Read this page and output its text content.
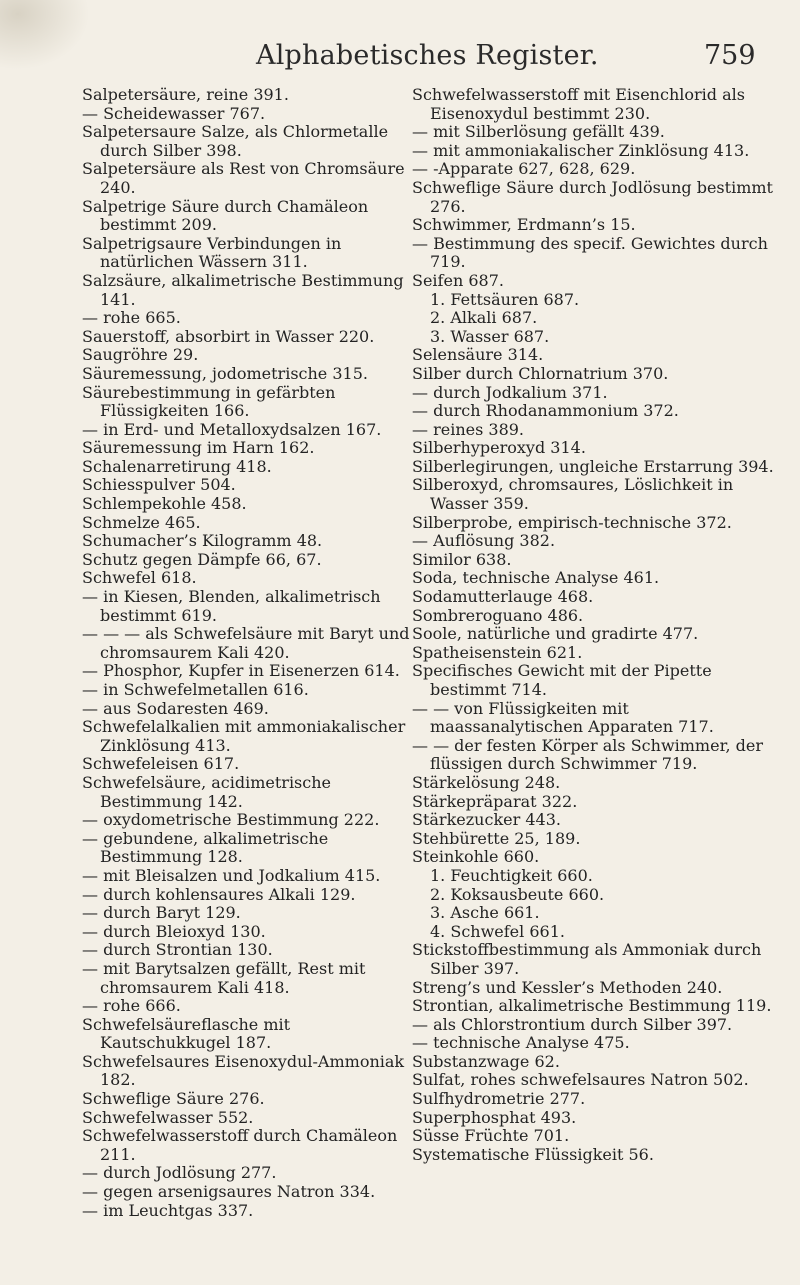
Alphabetisches Register.	759

Salpetersäure, reine 391.

— Scheidewasser 767.

Salpetersaure Salze, als Chlormetalle durch Silber 398.

Salpetersäure als Rest von Chromsäure 240.

Salpetrige Säure durch Chamäleon bestimmt 209.

Salpetrigsaure Verbindungen in natürlichen Wässern 311.

Salzsäure, alkalimetrische Bestimmung 141.

— rohe 665.

Sauerstoff, absorbirt in Wasser 220.

Saugröhre 29.

Säuremessung, jodometrische 315.

Säurebestimmung in gefärbten Flüssigkeiten 166.

— in Erd- und Metalloxydsalzen 167.

Säuremessung im Harn 162.

Schalenarretirung 418.

Schiesspulver 504.

Schlempekohle 458.

Schmelze 465.

Schumacher’s Kilogramm 48.

Schutz gegen Dämpfe 66, 67.

Schwefel 618.

— in Kiesen, Blenden, alkalimetrisch bestimmt 619.

— — — als Schwefelsäure mit Baryt und chromsaurem Kali 420.

— Phosphor, Kupfer in Eisenerzen 614.

— in Schwefelmetallen 616.

— aus Sodaresten 469.

Schwefelalkalien mit ammoniakalischer Zinklösung 413.

Schwefeleisen 617.

Schwefelsäure, acidimetrische Bestimmung 142.

— oxydometrische Bestimmung 222.

— gebundene, alkalimetrische Bestimmung 128.

— mit Bleisalzen und Jodkalium 415.

— durch kohlensaures Alkali 129.

— durch Baryt 129.

— durch Bleioxyd 130.

— durch Strontian 130.

— mit Barytsalzen gefällt, Rest mit chromsaurem Kali 418.

— rohe 666.

Schwefelsäureflasche mit Kautschukkugel 187.

Schwefelsaures Eisenoxydul-Ammoniak 182.

Schweflige Säure 276.

Schwefelwasser 552.

Schwefelwasserstoff durch Chamäleon 211.

— durch Jodlösung 277.

— gegen arsenigsaures Natron 334.

— im Leuchtgas 337.

Schwefelwasserstoff mit Eisenchlorid als Eisenoxydul bestimmt 230.

— mit Silberlösung gefällt 439.

— mit ammoniakalischer Zinklösung 413.

— -Apparate 627, 628, 629.

Schweflige Säure durch Jodlösung bestimmt 276.

Schwimmer, Erdmann’s 15.

— Bestimmung des specif. Gewichtes durch 719.

Seifen 687.

1. Fettsäuren 687.

2. Alkali 687.

3. Wasser 687.

Selensäure 314.

Silber durch Chlornatrium 370.

— durch Jodkalium 371.

— durch Rhodanammonium 372.

— reines 389.

Silberhyperoxyd 314.

Silberlegirungen, ungleiche Erstarrung 394.

Silberoxyd, chromsaures, Löslichkeit in Wasser 359.

Silberprobe, empirisch-technische 372.

— Auflösung 382.

Similor 638.

Soda, technische Analyse 461.

Sodamutterlauge 468.

Sombreroguano 486.

Soole, natürliche und gradirte 477.

Spatheisenstein 621.

Specifisches Gewicht mit der Pipette bestimmt 714.

— — von Flüssigkeiten mit maassanalytischen Apparaten 717.

— — der festen Körper als Schwimmer, der flüssigen durch Schwimmer 719.

Stärkelösung 248.

Stärkepräparat 322.

Stärkezucker 443.

Stehbürette 25, 189.

Steinkohle 660.

1. Feuchtigkeit 660.

2. Koksausbeute 660.

3. Asche 661.

4. Schwefel 661.

Stickstoffbestimmung als Ammoniak durch Silber 397.

Streng’s und Kessler’s Methoden 240.

Strontian, alkalimetrische Bestimmung 119.

— als Chlorstrontium durch Silber 397.

— technische Analyse 475.

Substanzwage 62.

Sulfat, rohes schwefelsaures Natron 502.

Sulfhydrometrie 277.

Superphosphat 493.

Süsse Früchte 701.

Systematische Flüssigkeit 56.
